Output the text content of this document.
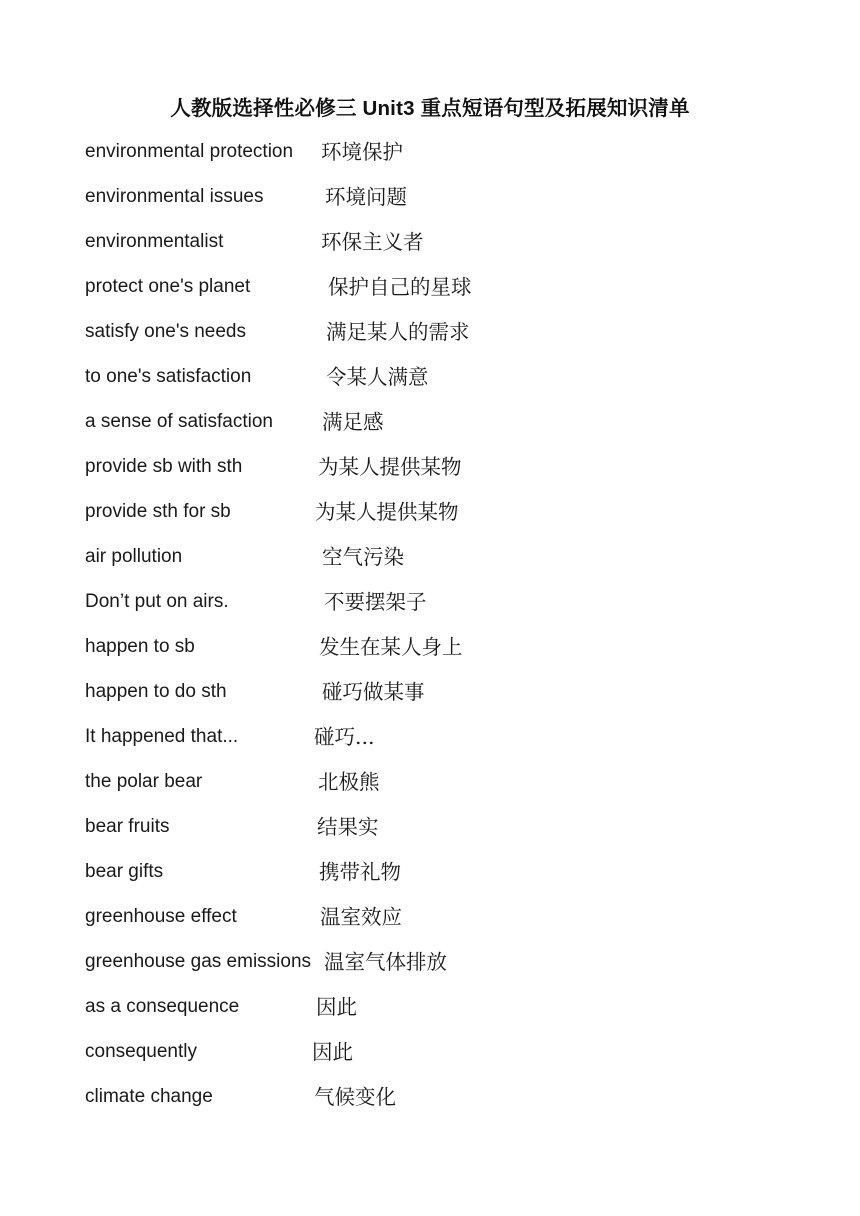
人教版选择性必修三 Unit3 重点短语句型及拓展知识清单
environmental protection 环境保护
environmental issues	环境问题
environmentalist	环保主义者
protect one's planet	保护自己的星球
satisfy one's needs	满足某人的需求
to one's satisfaction	令某人满意
a sense of satisfaction 满足感
provide sb with sth	为某人提供某物
provide sth for sb	为某人提供某物
air pollution	空气污染
Don’t put on airs.	不要摆架子
happen to sb	发生在某人身上
happen to do sth	碰巧做某事
It happened that...	碰巧...
the polar bear	北极熊
bear fruits	结果实
bear gifts	携带礼物
greenhouse effect	温室效应
greenhouse gas emissions 温室气体排放
as a consequence	因此
consequently	因此
climate change	气候变化
